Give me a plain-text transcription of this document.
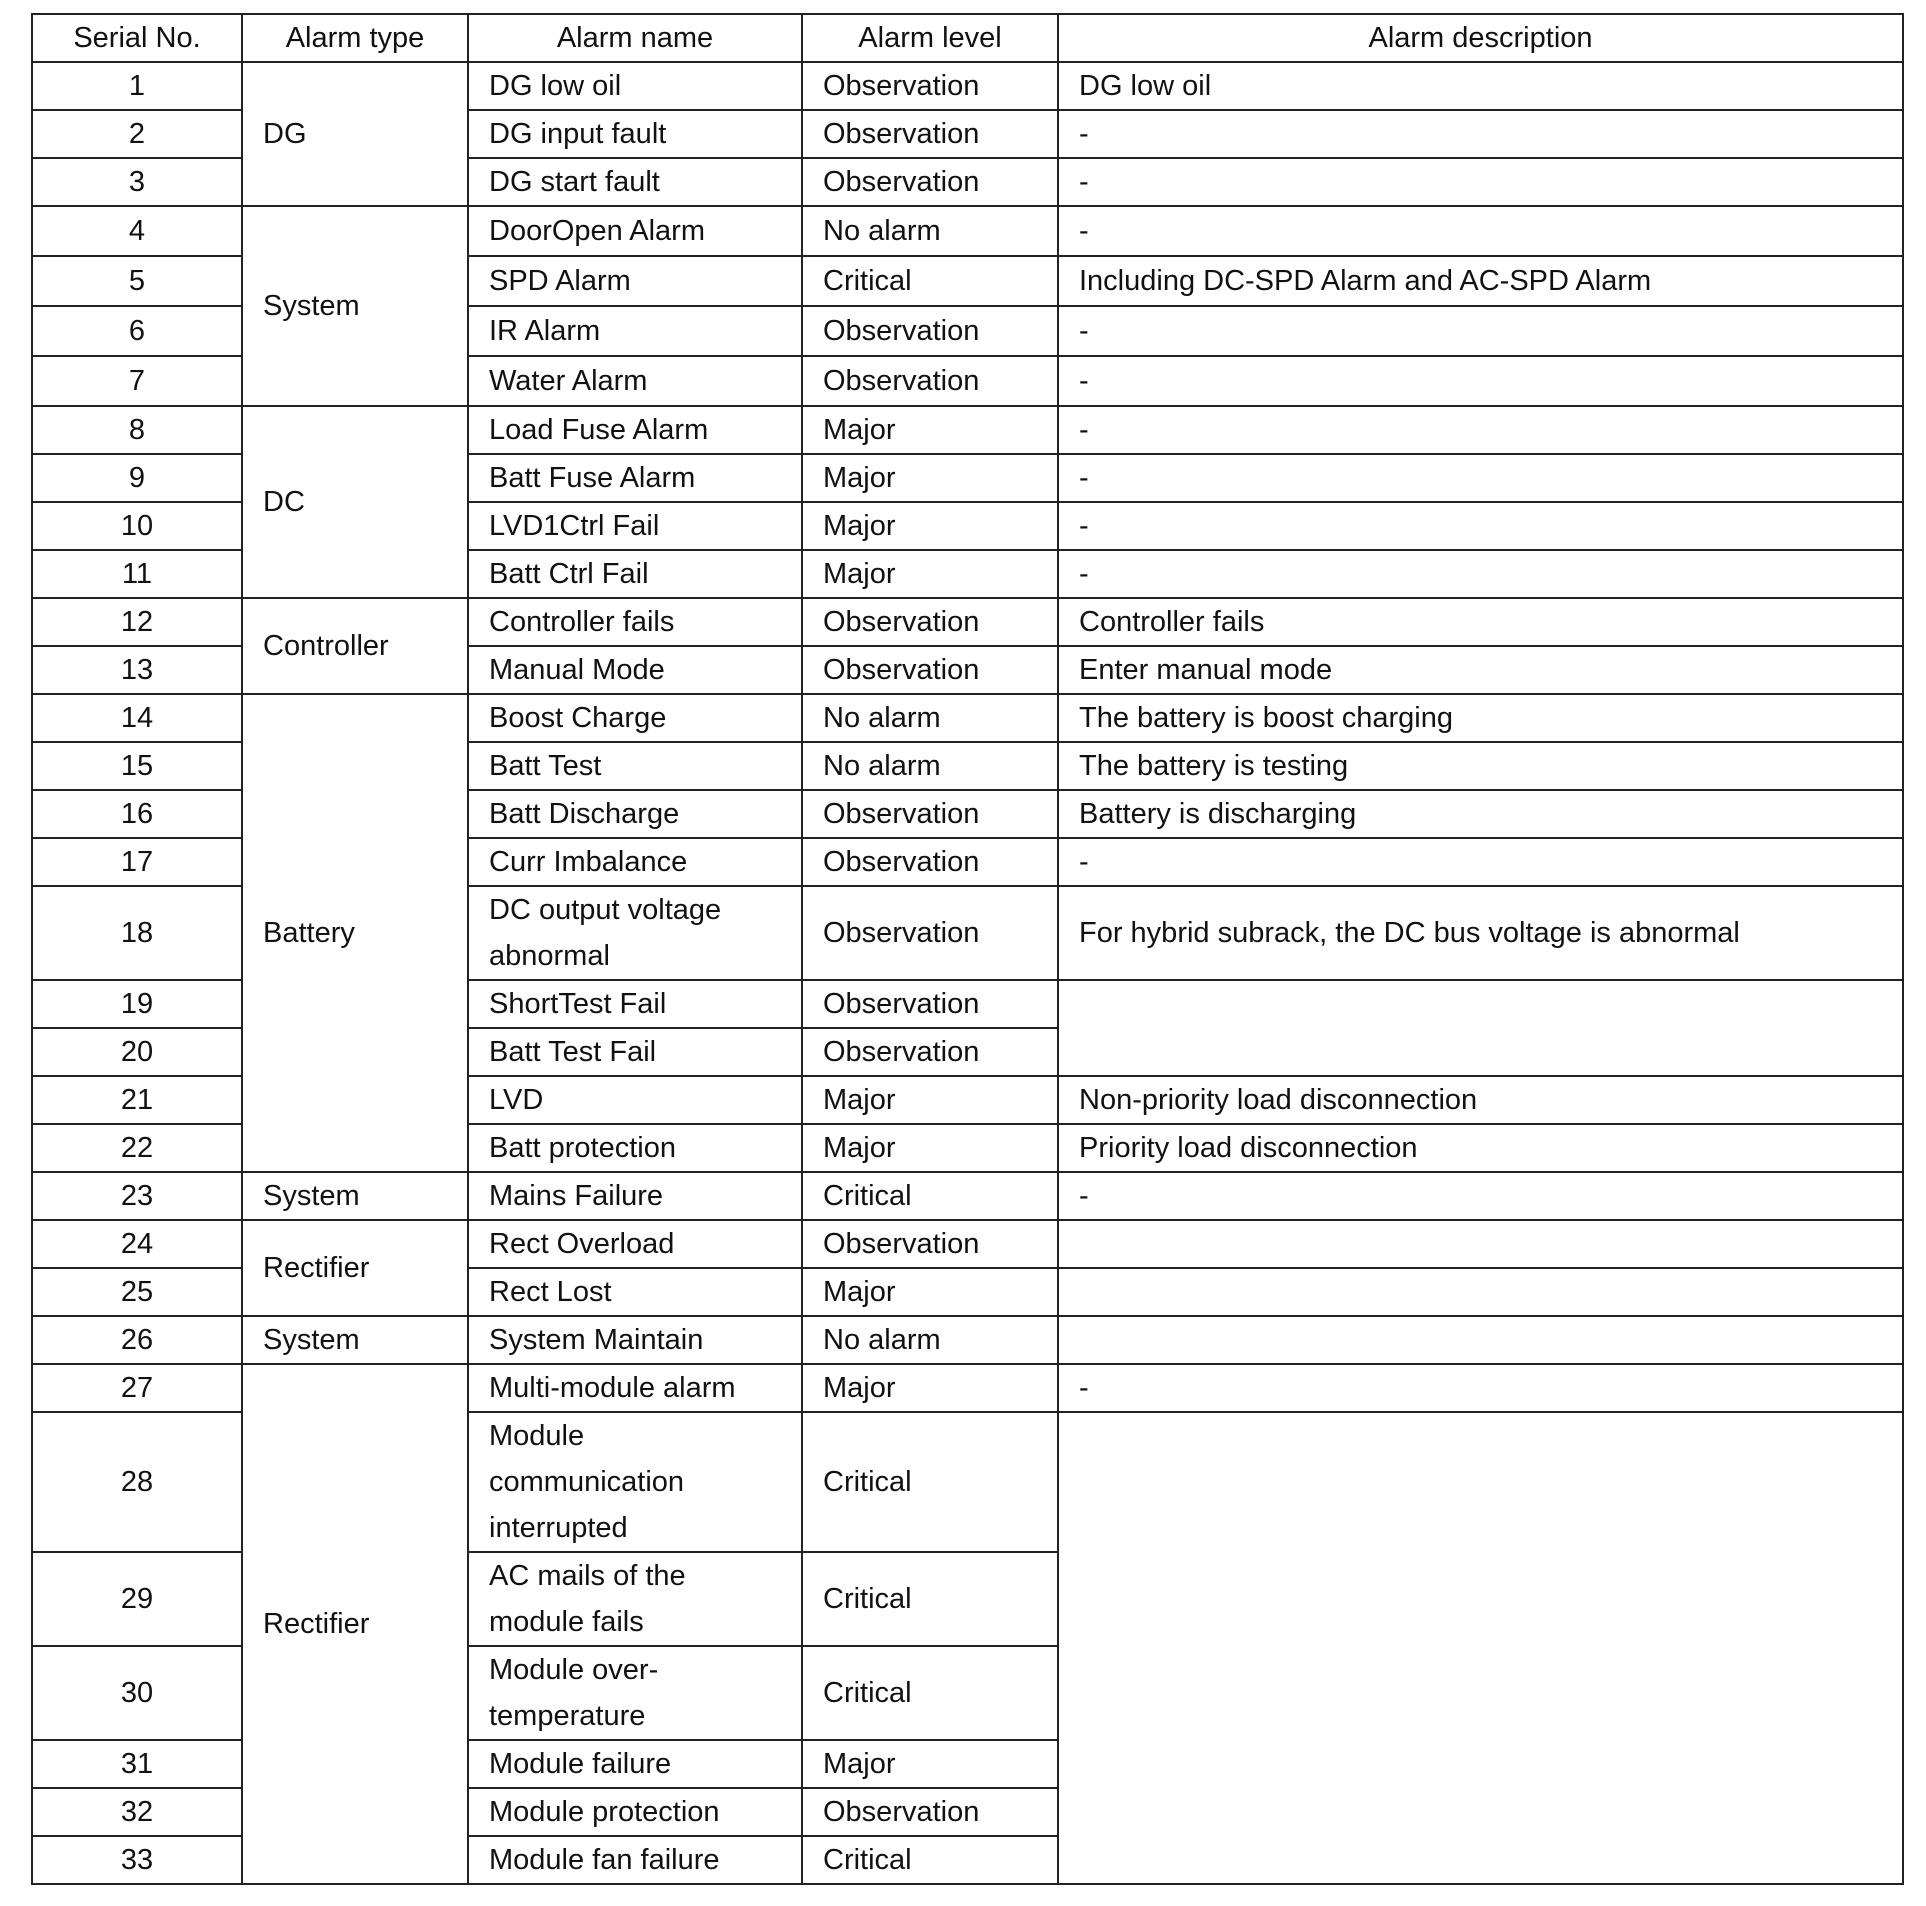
Serial No.	Alarm type	Alarm name	Alarm level	Alarm description
1	DG	DG low oil	Observation	DG low oil
2		DG input fault	Observation	-
3		DG start fault	Observation	-
4	System	DoorOpen Alarm	No alarm	-
5		SPD Alarm	Critical	Including DC-SPD Alarm and AC-SPD Alarm
6		IR Alarm	Observation	-
7		Water Alarm	Observation	-
8	DC	Load Fuse Alarm	Major	-
9		Batt Fuse Alarm	Major	-
10		LVD1Ctrl Fail	Major	-
11		Batt Ctrl Fail	Major	-
12	Controller	Controller fails	Observation	Controller fails
13		Manual Mode	Observation	Enter manual mode
14	Battery	Boost Charge	No alarm	The battery is boost charging
15		Batt Test	No alarm	The battery is testing
16		Batt Discharge	Observation	Battery is discharging
17		Curr Imbalance	Observation	-
18		DC output voltage abnormal	Observation	For hybrid subrack, the DC bus voltage is abnormal
19		ShortTest Fail	Observation	
20		Batt Test Fail	Observation	
21		LVD	Major	Non-priority load disconnection
22		Batt protection	Major	Priority load disconnection
23	System	Mains Failure	Critical	-
24	Rectifier	Rect Overload	Observation	
25		Rect Lost	Major	
26	System	System Maintain	No alarm	
27	Rectifier	Multi-module alarm	Major	-
28		Module communication interrupted	Critical	
29		AC mails of the module fails	Critical	
30		Module over-temperature	Critical	
31		Module failure	Major	
32		Module protection	Observation	
33		Module fan failure	Critical	
